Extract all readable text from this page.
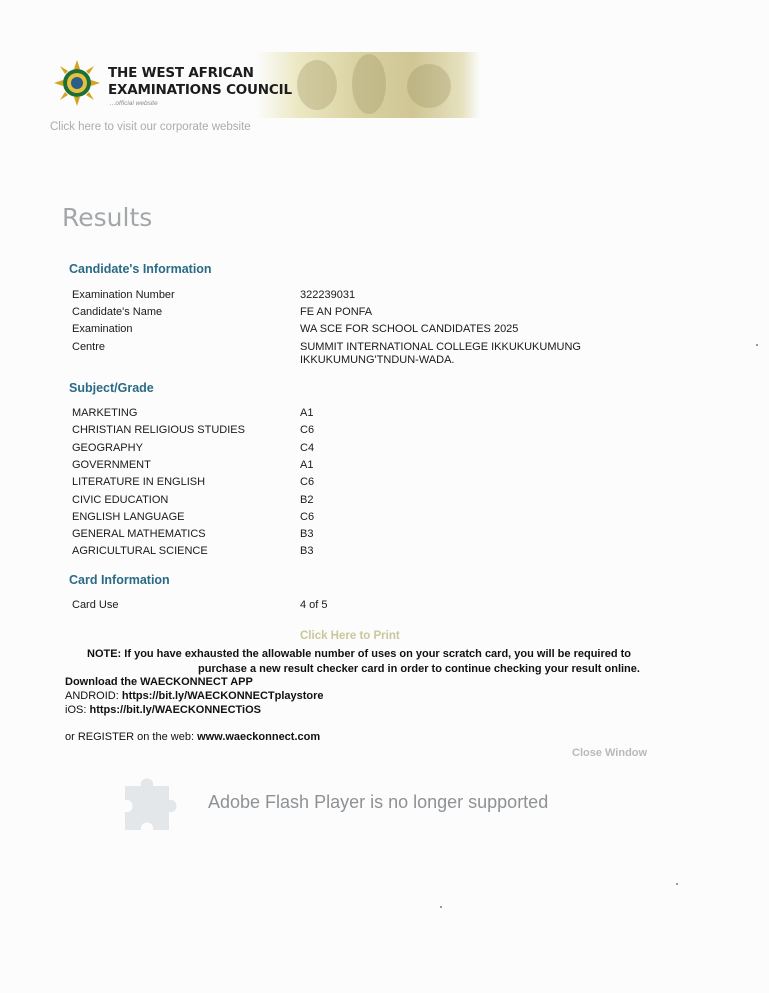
THE WEST AFRICAN
EXAMINATIONS COUNCIL
...official website
Click here to visit our corporate website
Results
Candidate's Information
Examination Number	322239031
Candidate's Name	FE AN PONFA
Examination	WA SCE FOR SCHOOL CANDIDATES 2025
Centre	SUMMIT INTERNATIONAL COLLEGE IKKUKUKUMUNG
IKKUKUMUNG'TNDUN-WADA.
Subject/Grade
MARKETING	A1
CHRISTIAN RELIGIOUS STUDIES	C6
GEOGRAPHY	C4
GOVERNMENT	A1
LITERATURE IN ENGLISH	C6
CIVIC EDUCATION	B2
ENGLISH LANGUAGE	C6
GENERAL MATHEMATICS	B3
AGRICULTURAL SCIENCE	B3
Card Information
Card Use	4 of 5
Click Here to Print
NOTE: If you have exhausted the allowable number of uses on your scratch card, you will be required to
purchase a new result checker card in order to continue checking your result online.
Download the WAECKONNECT APP
ANDROID: https://bit.ly/WAECKONNECTplaystore
iOS: https://bit.ly/WAECKONNECTiOS
or REGISTER on the web: www.waeckonnect.com
Close Window
Adobe Flash Player is no longer supported
